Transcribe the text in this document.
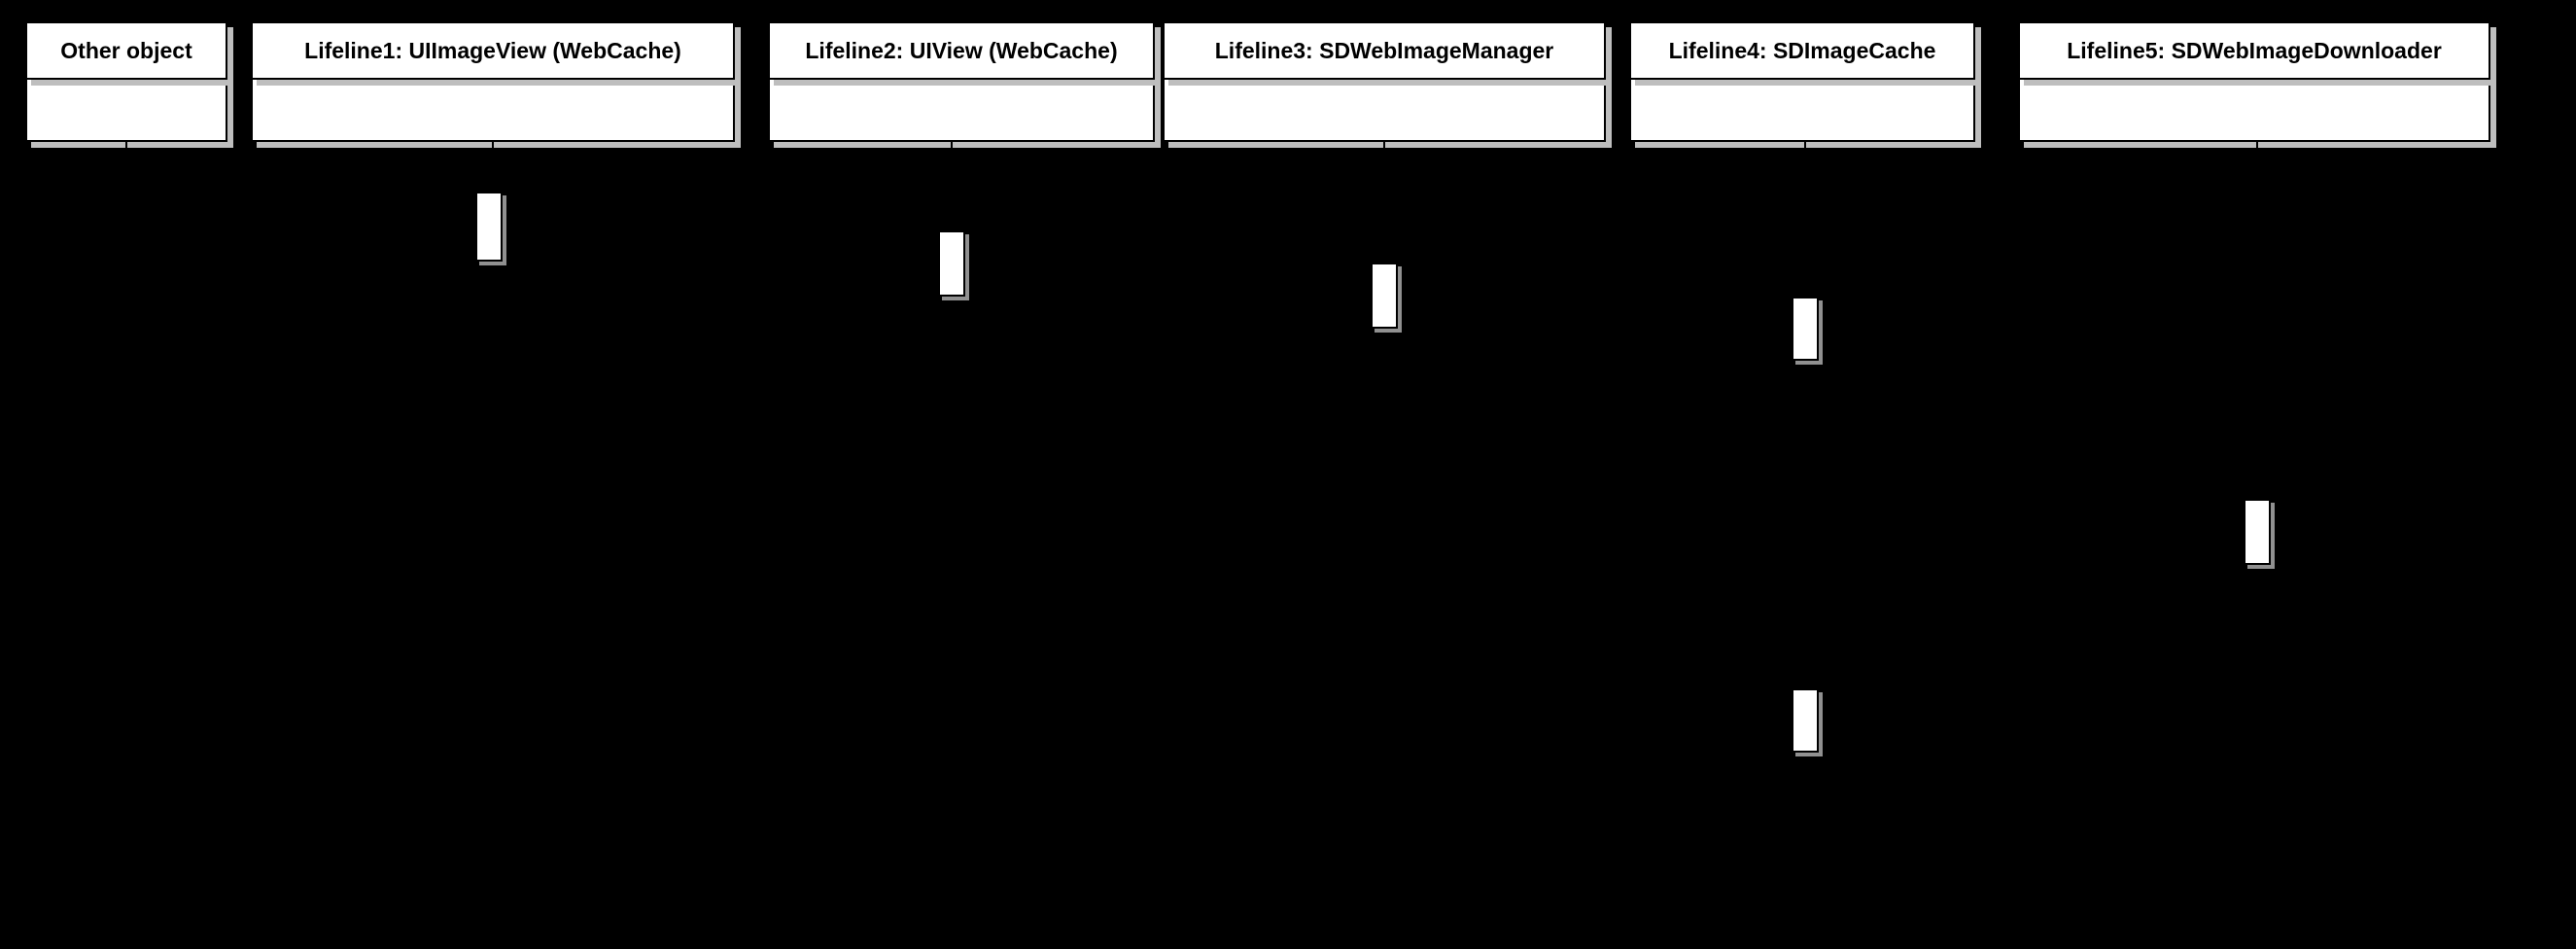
Other object	Lifeline1: UIImageView (WebCache)	Lifeline2: UIView (WebCache)	Lifeline3: SDWebImageManager	Lifeline4: SDImageCache	Lifeline5: SDWebImageDownloader
